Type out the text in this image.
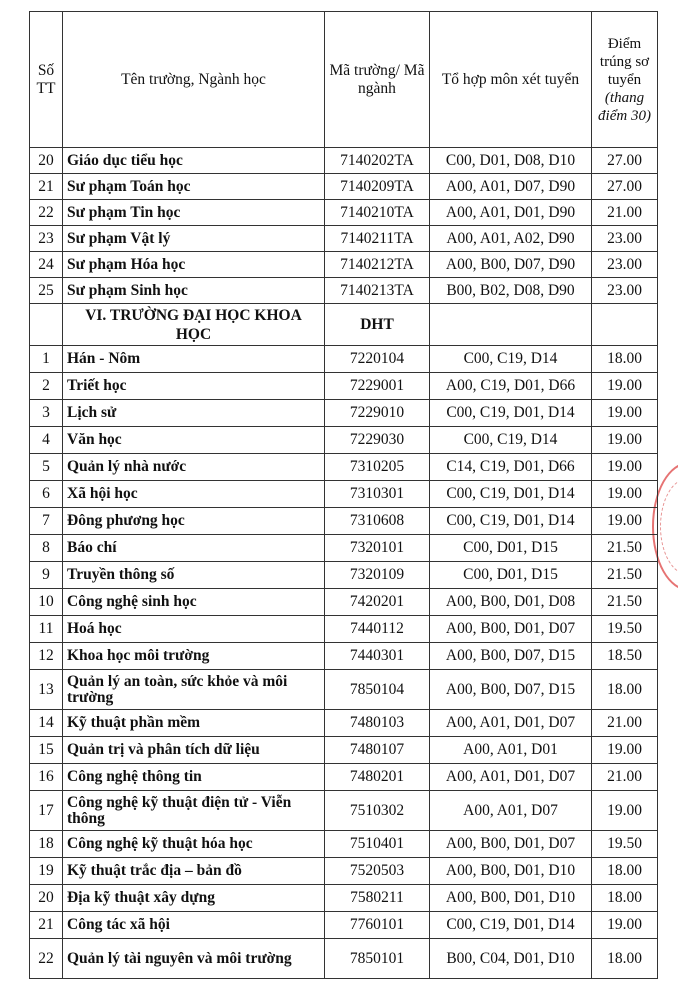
Số TT	Tên trường, Ngành học	Mã trường/ Mã ngành	Tổ hợp môn xét tuyển	Điểm trúng sơ tuyển (thang điểm 30)
20	Giáo dục tiểu học	7140202TA	C00, D01, D08, D10	27.00
21	Sư phạm Toán học	7140209TA	A00, A01, D07, D90	27.00
22	Sư phạm Tin học	7140210TA	A00, A01, D01, D90	21.00
23	Sư phạm Vật lý	7140211TA	A00, A01, A02, D90	23.00
24	Sư phạm Hóa học	7140212TA	A00, B00, D07, D90	23.00
25	Sư phạm Sinh học	7140213TA	B00, B02, D08, D90	23.00
	VI. TRƯỜNG ĐẠI HỌC KHOA HỌC	DHT		
1	Hán - Nôm	7220104	C00, C19, D14	18.00
2	Triết học	7229001	A00, C19, D01, D66	19.00
3	Lịch sử	7229010	C00, C19, D01, D14	19.00
4	Văn học	7229030	C00, C19, D14	19.00
5	Quản lý nhà nước	7310205	C14, C19, D01, D66	19.00
6	Xã hội học	7310301	C00, C19, D01, D14	19.00
7	Đông phương học	7310608	C00, C19, D01, D14	19.00
8	Báo chí	7320101	C00, D01, D15	21.50
9	Truyền thông số	7320109	C00, D01, D15	21.50
10	Công nghệ sinh học	7420201	A00, B00, D01, D08	21.50
11	Hoá học	7440112	A00, B00, D01, D07	19.50
12	Khoa học môi trường	7440301	A00, B00, D07, D15	18.50
13	Quản lý an toàn, sức khỏe và môi trường	7850104	A00, B00, D07, D15	18.00
14	Kỹ thuật phần mềm	7480103	A00, A01, D01, D07	21.00
15	Quản trị và phân tích dữ liệu	7480107	A00, A01, D01	19.00
16	Công nghệ thông tin	7480201	A00, A01, D01, D07	21.00
17	Công nghệ kỹ thuật điện tử - Viễn thông	7510302	A00, A01, D07	19.00
18	Công nghệ kỹ thuật hóa học	7510401	A00, B00, D01, D07	19.50
19	Kỹ thuật trắc địa – bản đồ	7520503	A00, B00, D01, D10	18.00
20	Địa kỹ thuật xây dựng	7580211	A00, B00, D01, D10	18.00
21	Công tác xã hội	7760101	C00, C19, D01, D14	19.00
22	Quản lý tài nguyên và môi trường	7850101	B00, C04, D01, D10	18.00
